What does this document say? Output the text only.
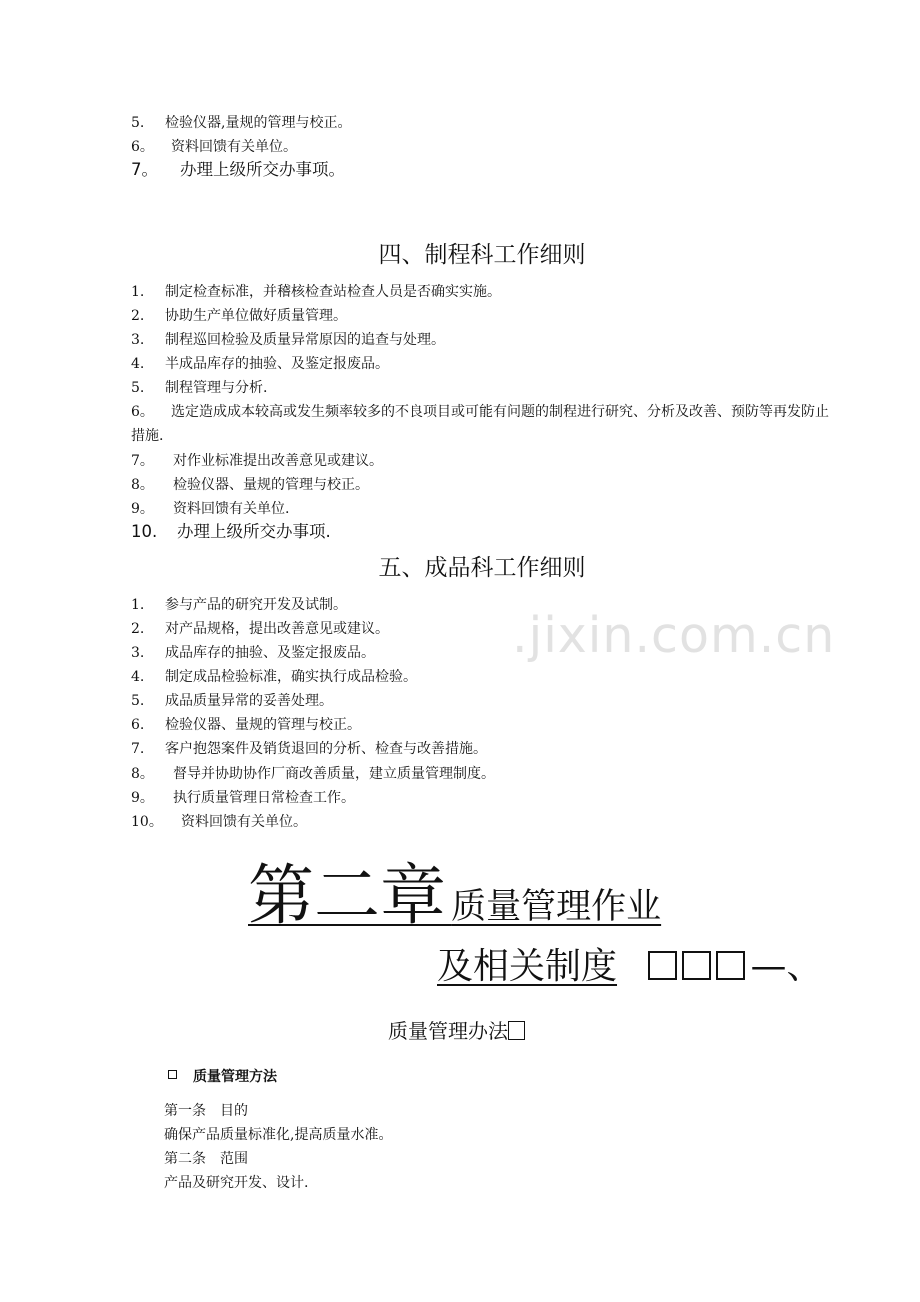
5. 检验仪器,量规的管理与校正。
6。 资料回馈有关单位。
7。 办理上级所交办事项。
四、制程科工作细则
1. 制定检查标准，并稽核检查站检查人员是否确实实施。
2. 协助生产单位做好质量管理。
3. 制程巡回检验及质量异常原因的追查与处理。
4. 半成品库存的抽验、及鉴定报废品。
5. 制程管理与分析.
6。 选定造成成本较高或发生频率较多的不良项目或可能有问题的制程进行研究、分析及改善、预防等再发防止措施.
7。 对作业标准提出改善意见或建议。
8。 检验仪器、量规的管理与校正。
9。 资料回馈有关单位.
10. 办理上级所交办事项.
五、成品科工作细则
.jixin.com.cn
1. 参与产品的研究开发及试制。
2. 对产品规格，提出改善意见或建议。
3. 成品库存的抽验、及鉴定报废品。
4. 制定成品检验标准，确实执行成品检验。
5. 成品质量异常的妥善处理。
6. 检验仪器、量规的管理与校正。
7. 客户抱怨案件及销货退回的分析、检查与改善措施。
8。 督导并协助协作厂商改善质量，建立质量管理制度。
9。 执行质量管理日常检查工作。
10。 资料回馈有关单位。
第二章 质量管理作业
及相关制度	—、
质量管理办法
质量管理方法
第一条　目的
确保产品质量标准化,提高质量水准。
第二条　范围
产品及研究开发、设计.
